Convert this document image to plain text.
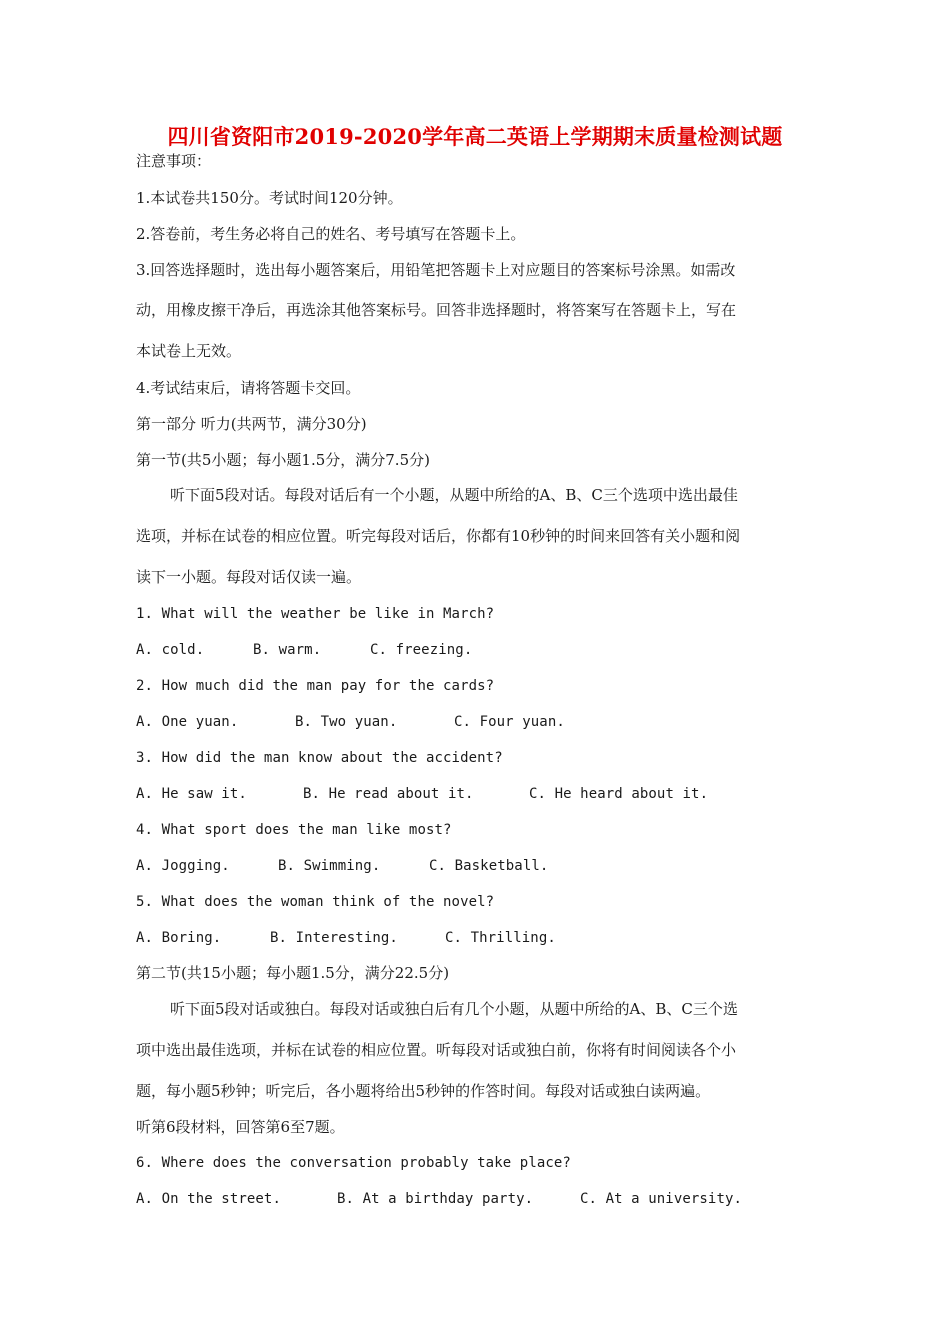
四川省资阳市2019-2020学年高二英语上学期期末质量检测试题
注意事项：
1.本试卷共150分。考试时间120分钟。
2.答卷前，考生务必将自己的姓名、考号填写在答题卡上。
3.回答选择题时，选出每小题答案后，用铅笔把答题卡上对应题目的答案标号涂黑。如需改
动，用橡皮擦干净后，再选涂其他答案标号。回答非选择题时，将答案写在答题卡上，写在
本试卷上无效。
4.考试结束后，请将答题卡交回。
第一部分 听力(共两节，满分30分)
第一节(共5小题；每小题1.5分，满分7.5分)
听下面5段对话。每段对话后有一个小题，从题中所给的A、B、C三个选项中选出最佳
选项，并标在试卷的相应位置。听完每段对话后，你都有10秒钟的时间来回答有关小题和阅
读下一小题。每段对话仅读一遍。
1. What will the weather be like in March?
A. cold.	B. warm.	C. freezing.
2. How much did the man pay for the cards?
A. One yuan.	B. Two yuan.	C. Four yuan.
3. How did the man know about the accident?
A. He saw it.	B. He read about it.	C. He heard about it.
4. What sport does the man like most?
A. Jogging.	B. Swimming.	C. Basketball.
5. What does the woman think of the novel?
A. Boring.	B. Interesting.	C. Thrilling.
第二节(共15小题；每小题1.5分，满分22.5分)
听下面5段对话或独白。每段对话或独白后有几个小题，从题中所给的A、B、C三个选
项中选出最佳选项，并标在试卷的相应位置。听每段对话或独白前，你将有时间阅读各个小
题，每小题5秒钟；听完后，各小题将给出5秒钟的作答时间。每段对话或独白读两遍。
听第6段材料，回答第6至7题。
6. Where does the conversation probably take place?
A. On the street.	B. At a birthday party.	C. At a university.
